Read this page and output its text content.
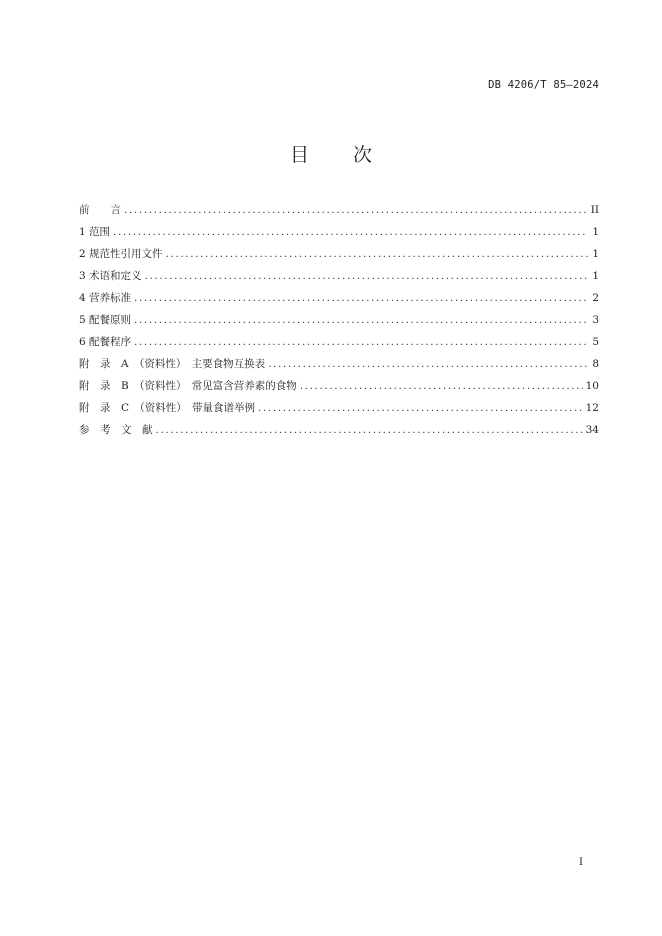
DB 4206/T 85—2024
目 次
前　　言 .....	II
1 范围 .....	1
2 规范性引用文件 .....	1
3 术语和定义 .....	1
4 营养标准 .....	2
5 配餐原则 .....	3
6 配餐程序 .....	5
附　录　A　（资料性）　主要食物互换表 .....	8
附　录　B　（资料性）　常见富含营养素的食物 .....	10
附　录　C　（资料性）　带量食谱举例 .....	12
参　考　文　献 .....	34
I
